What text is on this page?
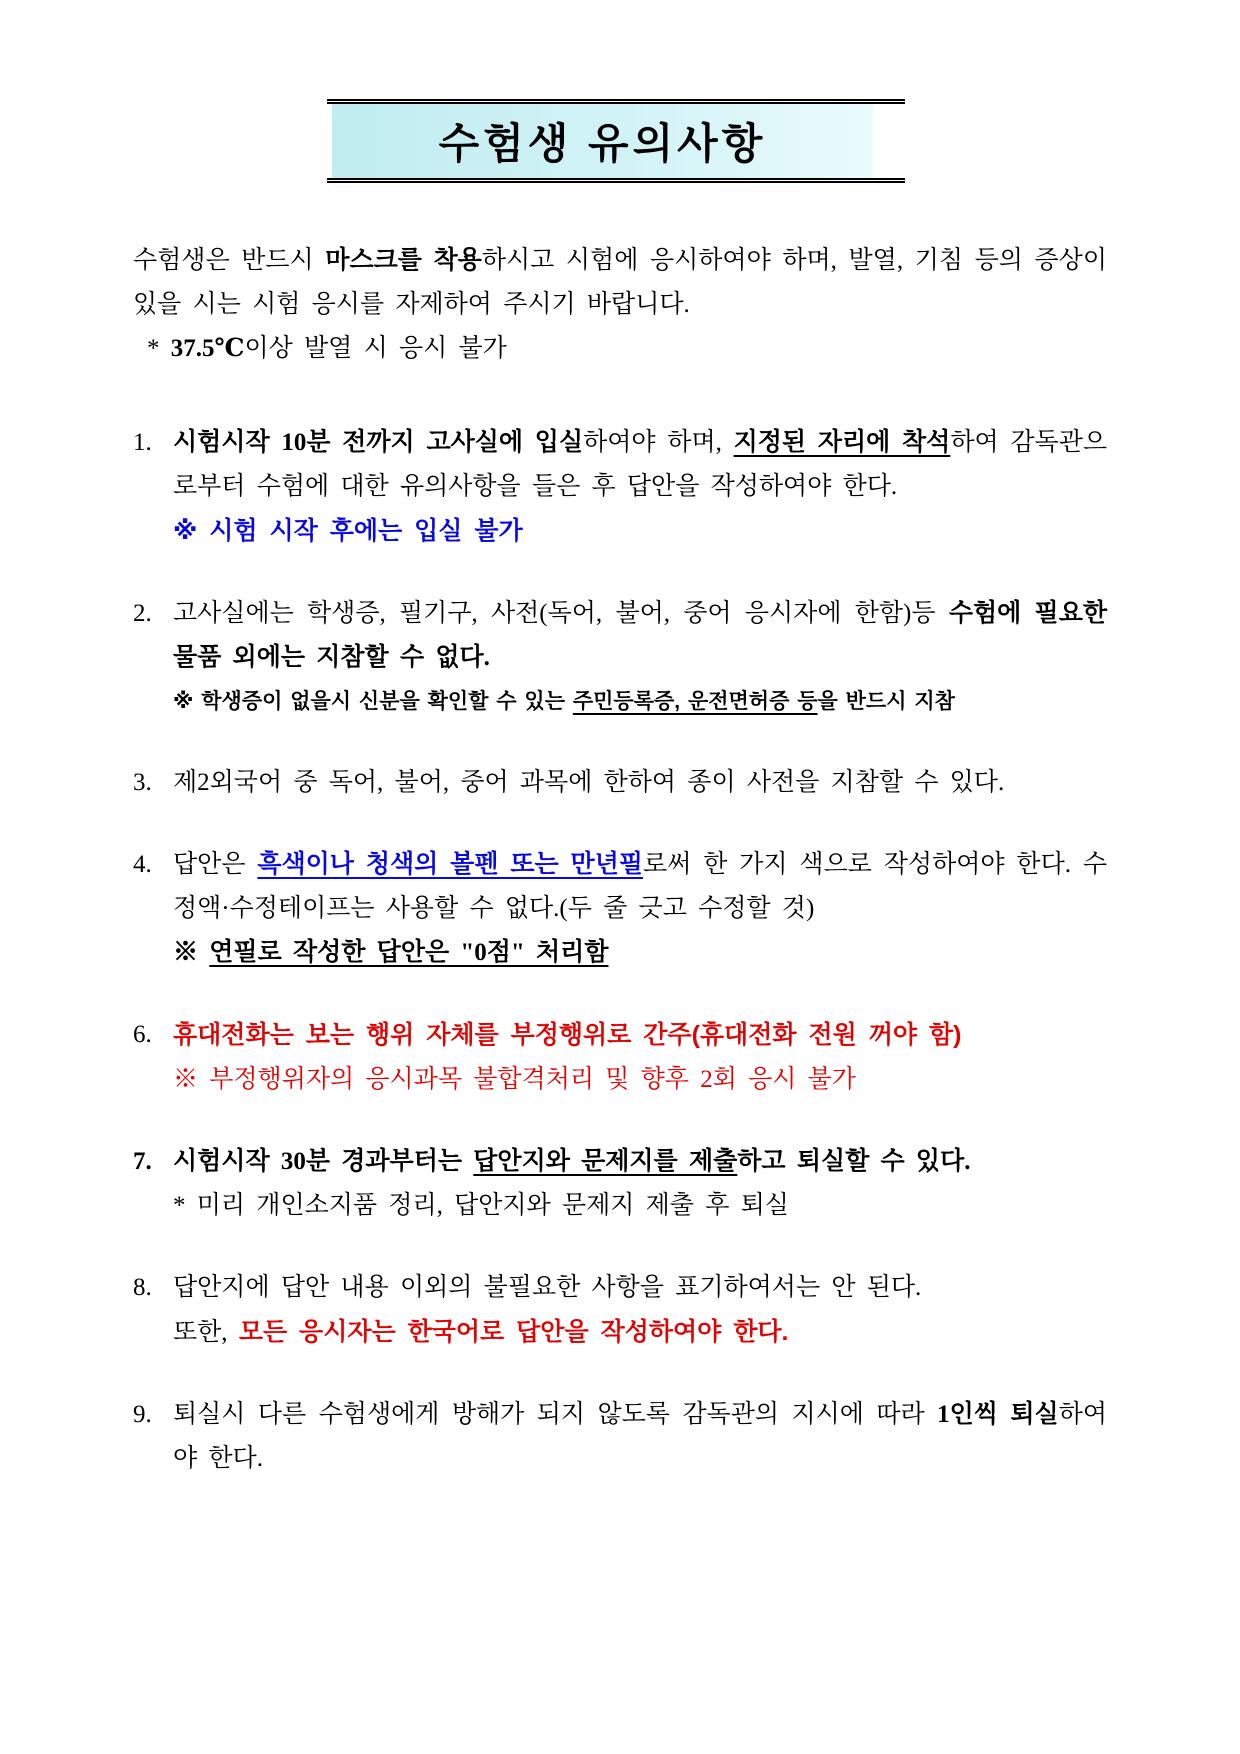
수험생 유의사항
수험생은 반드시 마스크를 착용하시고 시험에 응시하여야 하며, 발열, 기침 등의 증상이 있을 시는 시험 응시를 자제하여 주시기 바랍니다.
* 37.5℃이상 발열 시 응시 불가
1. 시험시작 10분 전까지 고사실에 입실하여야 하며, 지정된 자리에 착석하여 감독관으로부터 수험에 대한 유의사항을 들은 후 답안을 작성하여야 한다.
※ 시험 시작 후에는 입실 불가
2. 고사실에는 학생증, 필기구, 사전(독어, 불어, 중어 응시자에 한함)등 수험에 필요한 물품 외에는 지참할 수 없다.
※ 학생증이 없을시 신분을 확인할 수 있는 주민등록증, 운전면허증 등을 반드시 지참
3. 제2외국어 중 독어, 불어, 중어 과목에 한하여 종이 사전을 지참할 수 있다.
4. 답안은 흑색이나 청색의 볼펜 또는 만년필로써 한 가지 색으로 작성하여야 한다. 수정액·수정테이프는 사용할 수 없다.(두 줄 긋고 수정할 것)
※ 연필로 작성한 답안은 "0점" 처리함
6. 휴대전화는 보는 행위 자체를 부정행위로 간주(휴대전화 전원 꺼야 함)
※ 부정행위자의 응시과목 불합격처리 및 향후 2회 응시 불가
7. 시험시작 30분 경과부터는 답안지와 문제지를 제출하고 퇴실할 수 있다.
* 미리 개인소지품 정리, 답안지와 문제지 제출 후 퇴실
8. 답안지에 답안 내용 이외의 불필요한 사항을 표기하여서는 안 된다.
또한, 모든 응시자는 한국어로 답안을 작성하여야 한다.
9. 퇴실시 다른 수험생에게 방해가 되지 않도록 감독관의 지시에 따라 1인씩 퇴실하여야 한다.
